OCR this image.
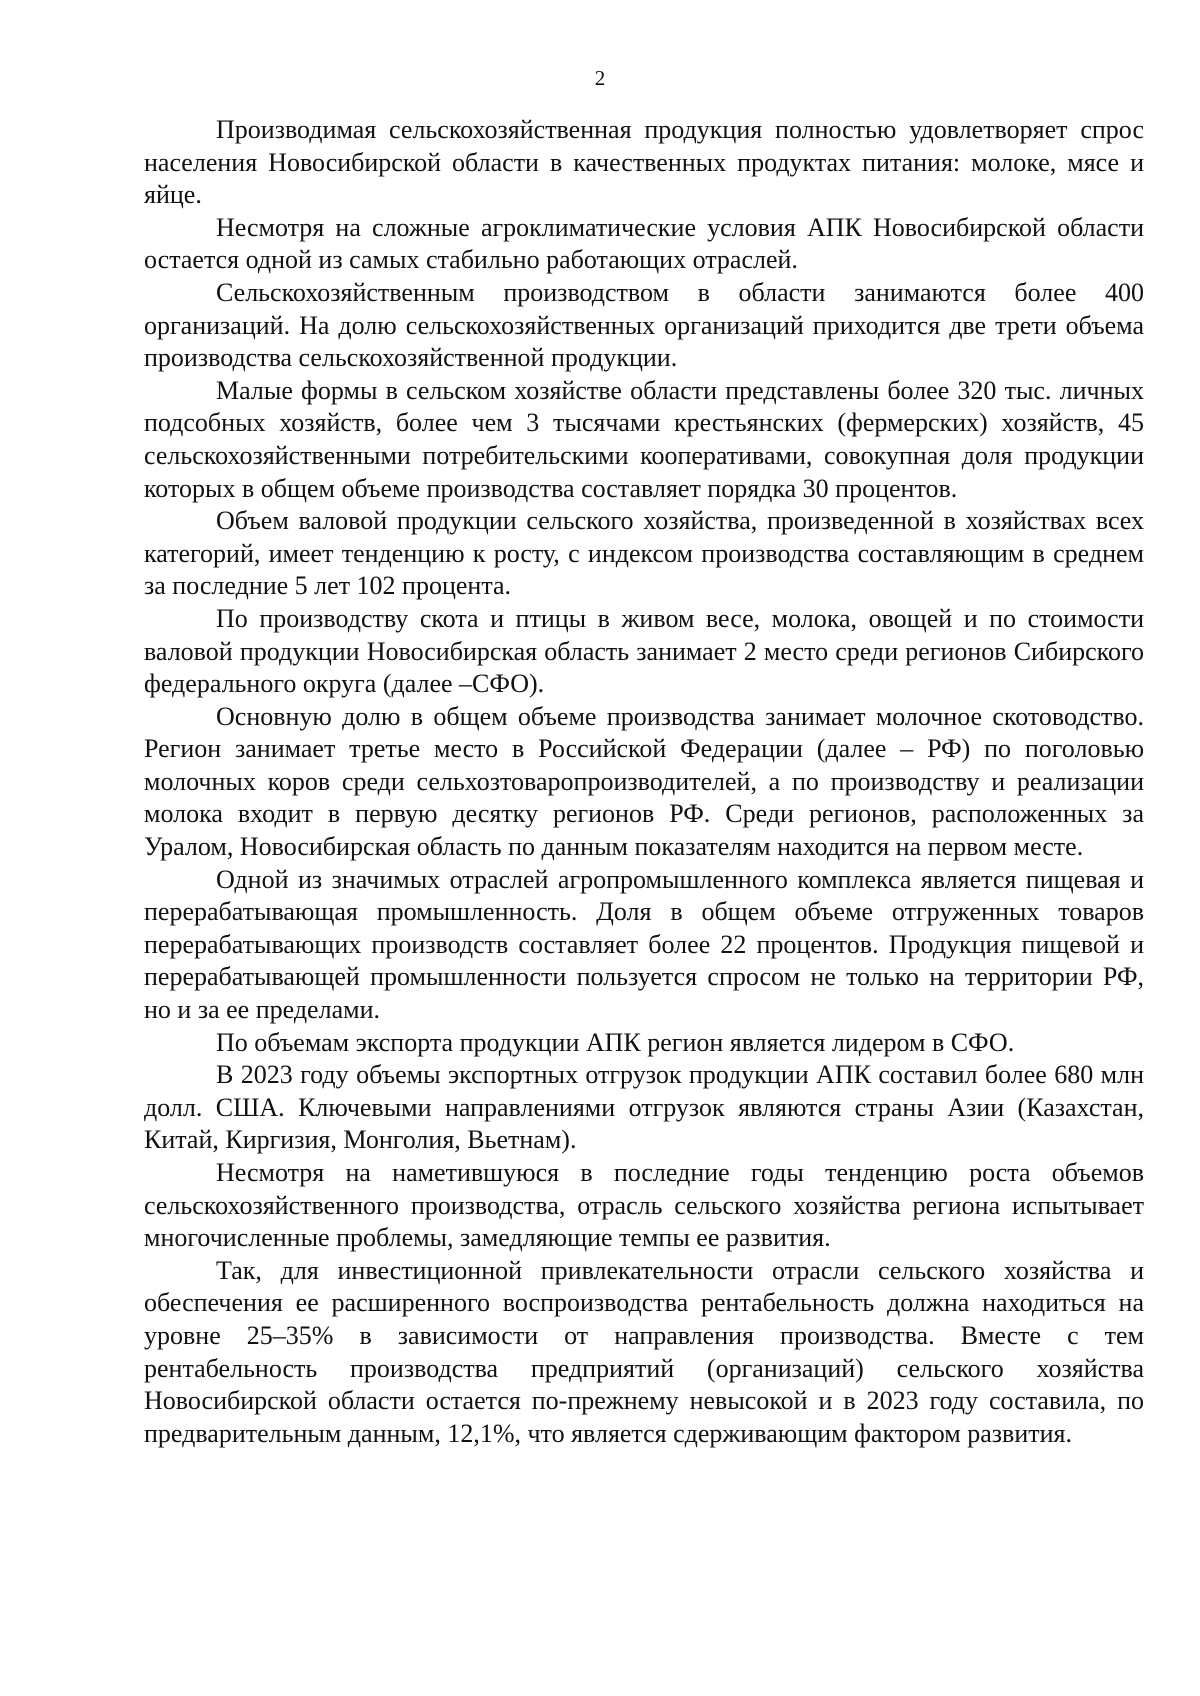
2

Производимая сельскохозяйственная продукция полностью удовлетворяет спрос населения Новосибирской области в качественных продуктах питания: молоке, мясе и яйце.

Несмотря на сложные агроклиматические условия АПК Новосибирской области остается одной из самых стабильно работающих отраслей.

Сельскохозяйственным производством в области занимаются более 400 организаций. На долю сельскохозяйственных организаций приходится две трети объема производства сельскохозяйственной продукции.

Малые формы в сельском хозяйстве области представлены более 320 тыс. личных подсобных хозяйств, более чем 3 тысячами крестьянских (фермерских) хозяйств, 45 сельскохозяйственными потребительскими кооперативами, совокупная доля продукции которых в общем объеме производства составляет порядка 30 процентов.

Объем валовой продукции сельского хозяйства, произведенной в хозяйствах всех категорий, имеет тенденцию к росту, с индексом производства составляющим в среднем за последние 5 лет 102 процента.

По производству скота и птицы в живом весе, молока, овощей и по стоимости валовой продукции Новосибирская область занимает 2 место среди регионов Сибирского федерального округа (далее –СФО).

Основную долю в общем объеме производства занимает молочное скотоводство. Регион занимает третье место в Российской Федерации (далее – РФ) по поголовью молочных коров среди сельхозтоваропроизводителей, а по производству и реализации молока входит в первую десятку регионов РФ. Среди регионов, расположенных за Уралом, Новосибирская область по данным показателям находится на первом месте.

Одной из значимых отраслей агропромышленного комплекса является пищевая и перерабатывающая промышленность. Доля в общем объеме отгруженных товаров перерабатывающих производств составляет более 22 процентов. Продукция пищевой и перерабатывающей промышленности пользуется спросом не только на территории РФ, но и за ее пределами.

По объемам экспорта продукции АПК регион является лидером в СФО.

В 2023 году объемы экспортных отгрузок продукции АПК составил более 680 млн долл. США. Ключевыми направлениями отгрузок являются страны Азии (Казахстан, Китай, Киргизия, Монголия, Вьетнам).

Несмотря на наметившуюся в последние годы тенденцию роста объемов сельскохозяйственного производства, отрасль сельского хозяйства региона испытывает многочисленные проблемы, замедляющие темпы ее развития.

Так, для инвестиционной привлекательности отрасли сельского хозяйства и обеспечения ее расширенного воспроизводства рентабельность должна находиться на уровне 25–35% в зависимости от направления производства. Вместе с тем рентабельность производства предприятий (организаций) сельского хозяйства Новосибирской области остается по-прежнему невысокой и в 2023 году составила, по предварительным данным, 12,1%, что является сдерживающим фактором развития.
